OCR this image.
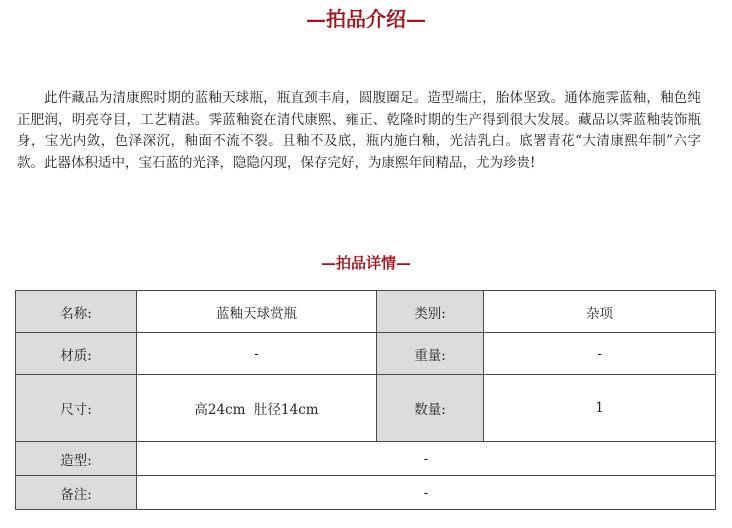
—拍品介绍—

此件藏品为清康熙时期的蓝釉天球瓶，瓶直颈丰肩，圆腹圈足。造型端庄，胎体坚致。通体施霁蓝釉，釉色纯正肥润，明亮夺目，工艺精湛。霁蓝釉瓷在清代康熙、雍正、乾隆时期的生产得到很大发展。藏品以霁蓝釉装饰瓶身，宝光内敛，色泽深沉，釉面不流不裂。且釉不及底，瓶内施白釉，光洁乳白。底署青花“大清康熙年制”六字款。此器体积适中，宝石蓝的光泽，隐隐闪现，保存完好，为康熙年间精品，尤为珍贵!

—拍品详情—
名称:	蓝釉天球赏瓶	类别:	杂项
材质:	-	重量:	-
尺寸:	高24cm  肚径14cm	数量:	1
造型:	-		
备注:	-		
